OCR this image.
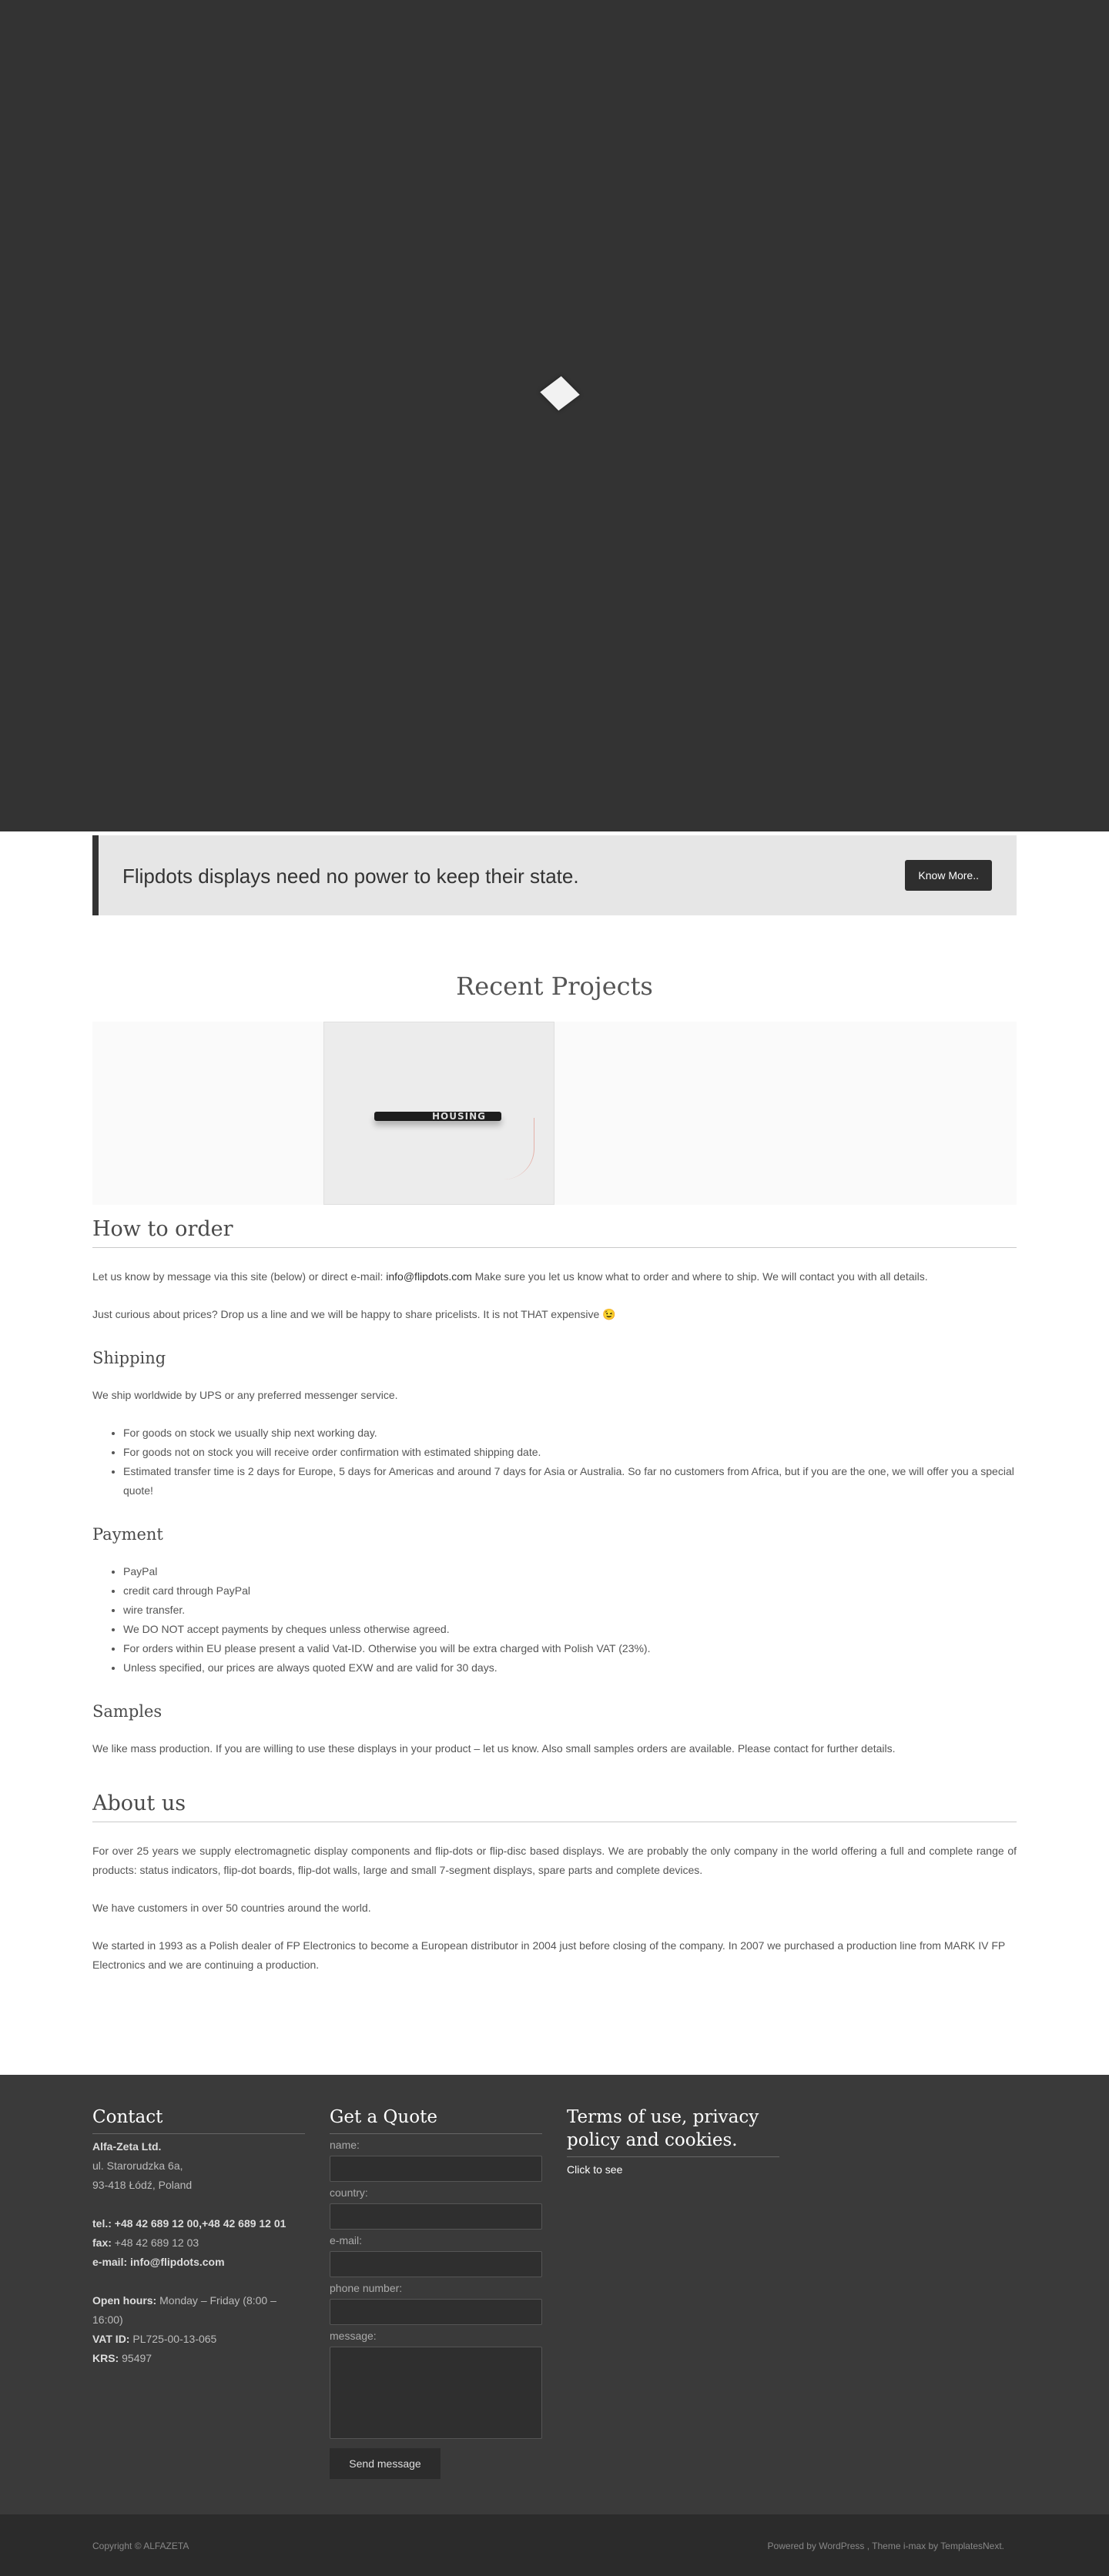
Flipdots displays need no power to keep their state.	Know More..
Recent Projects
HOUSING
How to order

Let us know by message via this site (below) or direct e-mail: info@flipdots.com Make sure you let us know what to order and where to ship. We will contact you with all details.

Just curious about prices? Drop us a line and we will be happy to share pricelists. It is not THAT expensive 😉

Shipping

We ship worldwide by UPS or any preferred messenger service.

• For goods on stock we usually ship next working day.
• For goods not on stock you will receive order confirmation with estimated shipping date.
• Estimated transfer time is 2 days for Europe, 5 days for Americas and around 7 days for Asia or Australia. So far no customers from Africa, but if you are the one, we will offer you a special quote!
Payment
• PayPal
• credit card through PayPal
• wire transfer.
• We DO NOT accept payments by cheques unless otherwise agreed.
• For orders within EU please present a valid Vat-ID. Otherwise you will be extra charged with Polish VAT (23%).
• Unless specified, our prices are always quoted EXW and are valid for 30 days.
Samples

We like mass production. If you are willing to use these displays in your product – let us know. Also small samples orders are available. Please contact for further details.

About us

For over 25 years we supply electromagnetic display components and flip-dots or flip-disc based displays. We are probably the only company in the world offering a full and complete range of products: status indicators, flip-dot boards, flip-dot walls, large and small 7-segment displays, spare parts and complete devices.

We have customers in over 50 countries around the world.

We started in 1993 as a Polish dealer of FP Electronics to become a European distributor in 2004 just before closing of the company. In 2007 we purchased a production line from MARK IV FP Electronics and we are continuing a production.

Contact
Alfa-Zeta Ltd.
ul. Starorudzka 6a,
93-418 Łódź, Poland
tel.: +48 42 689 12 00,+48 42 689 12 01
fax: +48 42 689 12 03
e-mail: info@flipdots.com
Open hours: Monday – Friday (8:00 – 16:00)
VAT ID: PL725-00-13-065
KRS: 95497
Get a Quote
name:
country:
e-mail:
phone number:
message:
Send message
Terms of use, privacy policy and cookies.
Click to see
Copyright © ALFAZETA	Powered by WordPress , Theme i-max by TemplatesNext.
